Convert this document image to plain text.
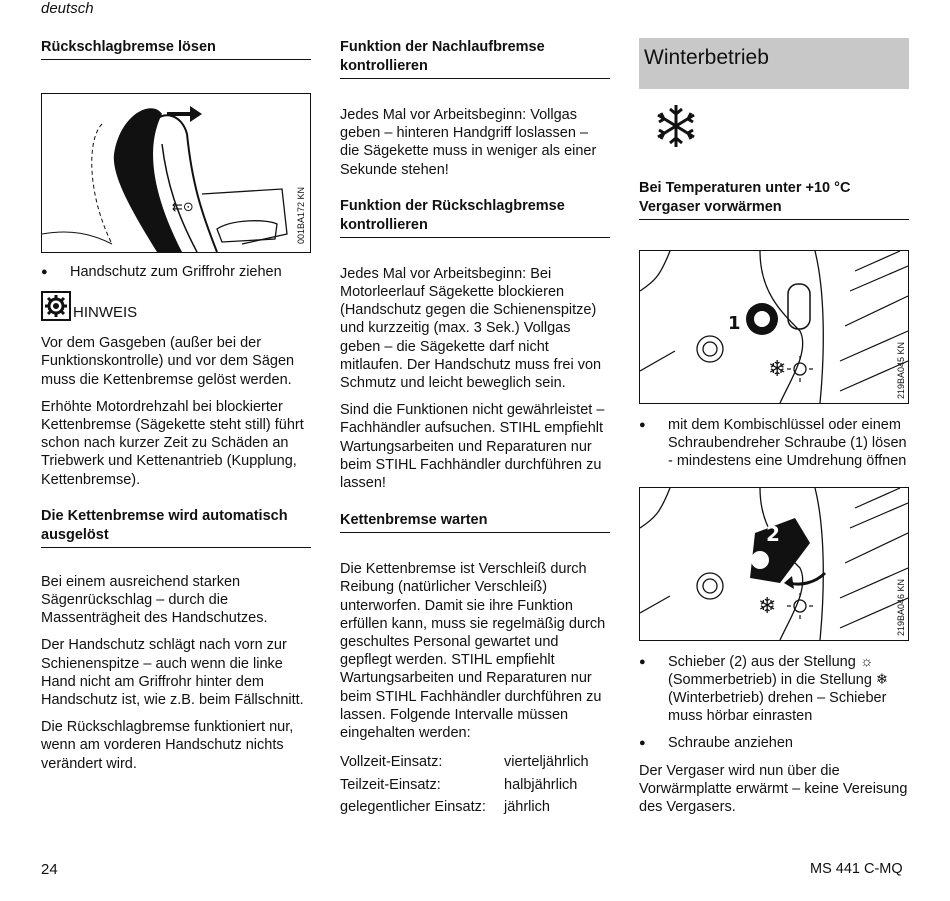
deutsch
Rückschlagbremse lösen
⇇⊙	001BA172 KN
●	Handschutz zum Griffrohr ziehen
HINWEIS

Vor dem Gasgeben (außer bei der Funktionskontrolle) und vor dem Sägen muss die Kettenbremse gelöst werden.

Erhöhte Motordrehzahl bei blockierter Kettenbremse (Sägekette steht still) führt schon nach kurzer Zeit zu Schäden an Triebwerk und Kettenantrieb (Kupplung, Kettenbremse).

Die Kettenbremse wird automatisch ausgelöst

Bei einem ausreichend starken Sägenrückschlag – durch die Massenträgheit des Handschutzes.

Der Handschutz schlägt nach vorn zur Schienenspitze – auch wenn die linke Hand nicht am Griffrohr hinter dem Handschutz ist, wie z.B. beim Fällschnitt.

Die Rückschlagbremse funktioniert nur, wenn am vorderen Handschutz nichts verändert wird.

Funktion der Nachlaufbremse kontrollieren

Jedes Mal vor Arbeitsbeginn: Vollgas geben – hinteren Handgriff loslassen – die Sägekette muss in weniger als einer Sekunde stehen!

Funktion der Rückschlagbremse kontrollieren

Jedes Mal vor Arbeitsbeginn: Bei Motorleerlauf Sägekette blockieren (Handschutz gegen die Schienenspitze) und kurzzeitig (max. 3 Sek.) Vollgas geben – die Sägekette darf nicht mitlaufen. Der Handschutz muss frei von Schmutz und leicht beweglich sein.

Sind die Funktionen nicht gewährleistet – Fachhändler aufsuchen. STIHL empfiehlt Wartungsarbeiten und Reparaturen nur beim STIHL Fachhändler durchführen zu lassen!

Kettenbremse warten

Die Kettenbremse ist Verschleiß durch Reibung (natürlicher Verschleiß) unterworfen. Damit sie ihre Funktion erfüllen kann, muss sie regelmäßig durch geschultes Personal gewartet und gepflegt werden. STIHL empfiehlt Wartungsarbeiten und Reparaturen nur beim STIHL Fachhändler durchführen zu lassen. Folgende Intervalle müssen eingehalten werden:

Vollzeit-Einsatz:	vierteljährlich
Teilzeit-Einsatz:	halbjährlich
gelegentlicher Einsatz:	jährlich
Winterbetrieb
Bei Temperaturen unter +10 °C Vergaser vorwärmen
❄
1
219BA045 KN
●	mit dem Kombischlüssel oder einem Schraubendreher Schraube (1) lösen - mindestens eine Umdrehung öffnen
2
❄	219BA046 KN
●	Schieber (2) aus der Stellung ☼ (Sommerbetrieb) in die Stellung ❄ (Winterbetrieb) drehen – Schieber muss hörbar einrasten
●	Schraube anziehen

Der Vergaser wird nun über die Vorwärmplatte erwärmt – keine Vereisung des Vergasers.

24	MS 441 C-MQ
